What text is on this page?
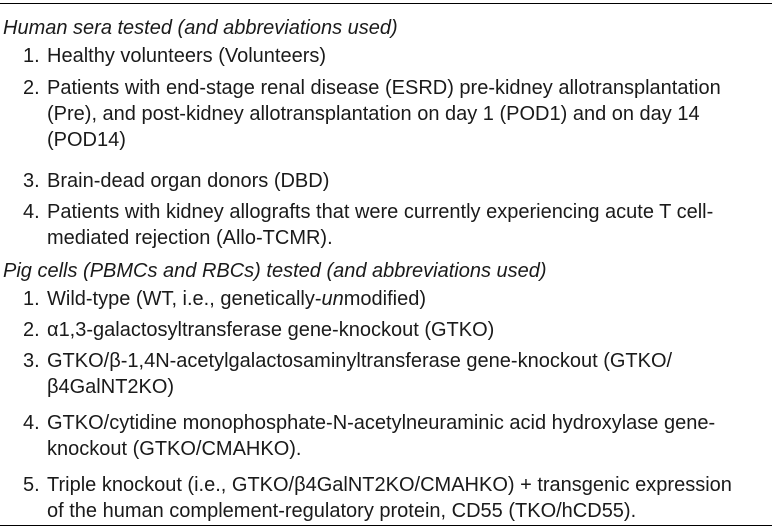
Human sera tested (and abbreviations used)
1. Healthy volunteers (Volunteers)
2. Patients with end-stage renal disease (ESRD) pre-kidney allotransplantation
(Pre), and post-kidney allotransplantation on day 1 (POD1) and on day 14
(POD14)
3. Brain-dead organ donors (DBD)
4. Patients with kidney allografts that were currently experiencing acute T cell-
mediated rejection (Allo-TCMR).
Pig cells (PBMCs and RBCs) tested (and abbreviations used)
1. Wild-type (WT, i.e., genetically-unmodified)
2. α1,3-galactosyltransferase gene-knockout (GTKO)
3. GTKO/β-1,4N-acetylgalactosaminyltransferase gene-knockout (GTKO/
β4GalNT2KO)
4. GTKO/cytidine monophosphate-N-acetylneuraminic acid hydroxylase gene-
knockout (GTKO/CMAHKO).
5. Triple knockout (i.e., GTKO/β4GalNT2KO/CMAHKO) + transgenic expression
of the human complement-regulatory protein, CD55 (TKO/hCD55).
